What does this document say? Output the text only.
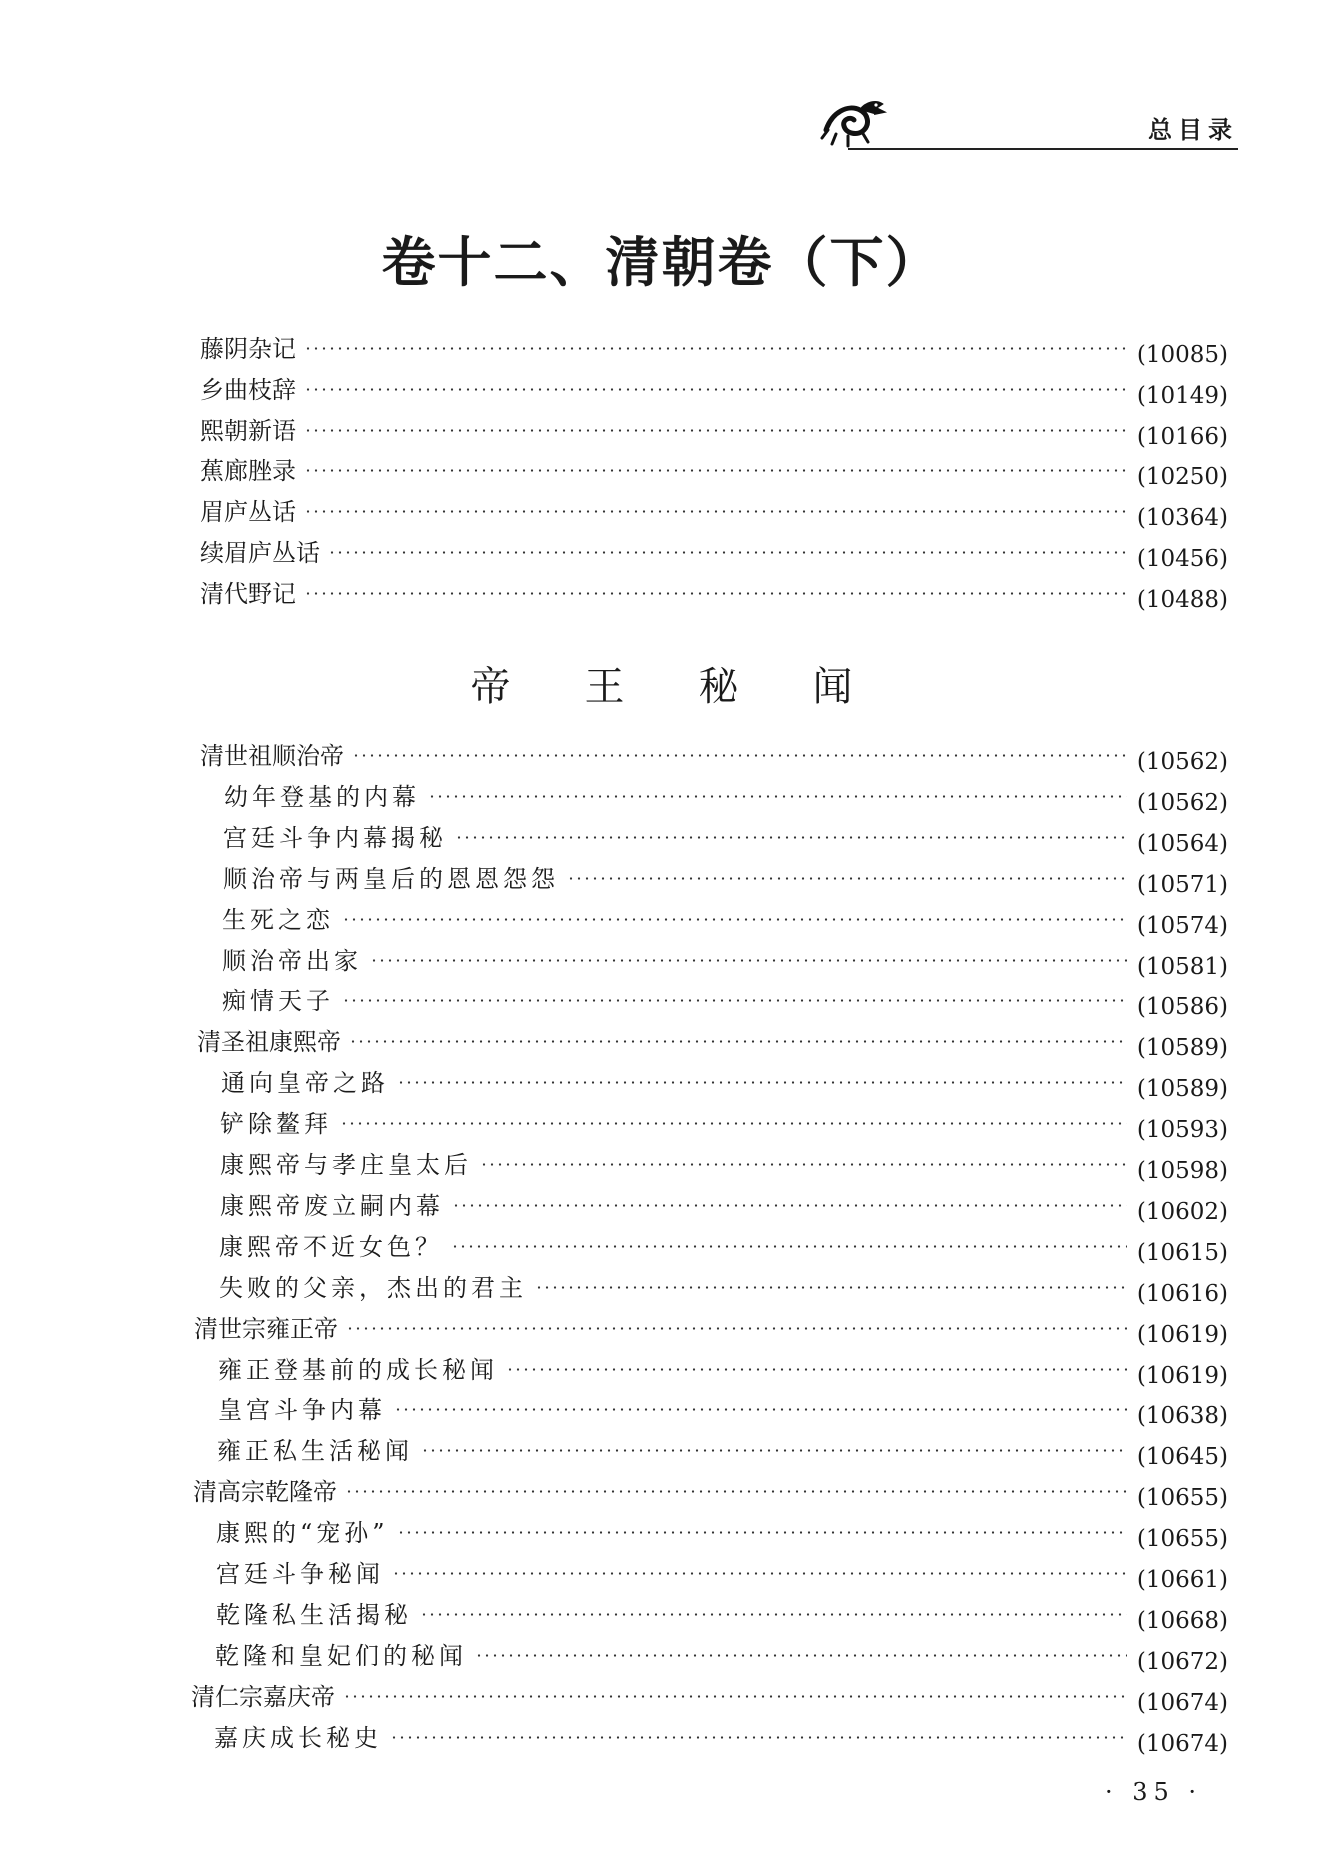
总目录
卷十二、清朝卷（下）
帝 王 秘 闻
藤阴杂记	(10085)
乡曲枝辞	(10149)
熙朝新语	(10166)
蕉廊脞录	(10250)
眉庐丛话	(10364)
续眉庐丛话	(10456)
清代野记	(10488)
清世祖顺治帝	(10562)
幼年登基的内幕	(10562)
宫廷斗争内幕揭秘	(10564)
顺治帝与两皇后的恩恩怨怨	(10571)
生死之恋	(10574)
顺治帝出家	(10581)
痴情天子	(10586)
清圣祖康熙帝	(10589)
通向皇帝之路	(10589)
铲除鳌拜	(10593)
康熙帝与孝庄皇太后	(10598)
康熙帝废立嗣内幕	(10602)
康熙帝不近女色？	(10615)
失败的父亲，杰出的君主	(10616)
清世宗雍正帝	(10619)
雍正登基前的成长秘闻	(10619)
皇宫斗争内幕	(10638)
雍正私生活秘闻	(10645)
清高宗乾隆帝	(10655)
康熙的“宠孙”	(10655)
宫廷斗争秘闻	(10661)
乾隆私生活揭秘	(10668)
乾隆和皇妃们的秘闻	(10672)
清仁宗嘉庆帝	(10674)
嘉庆成长秘史	(10674)
· 35 ·
